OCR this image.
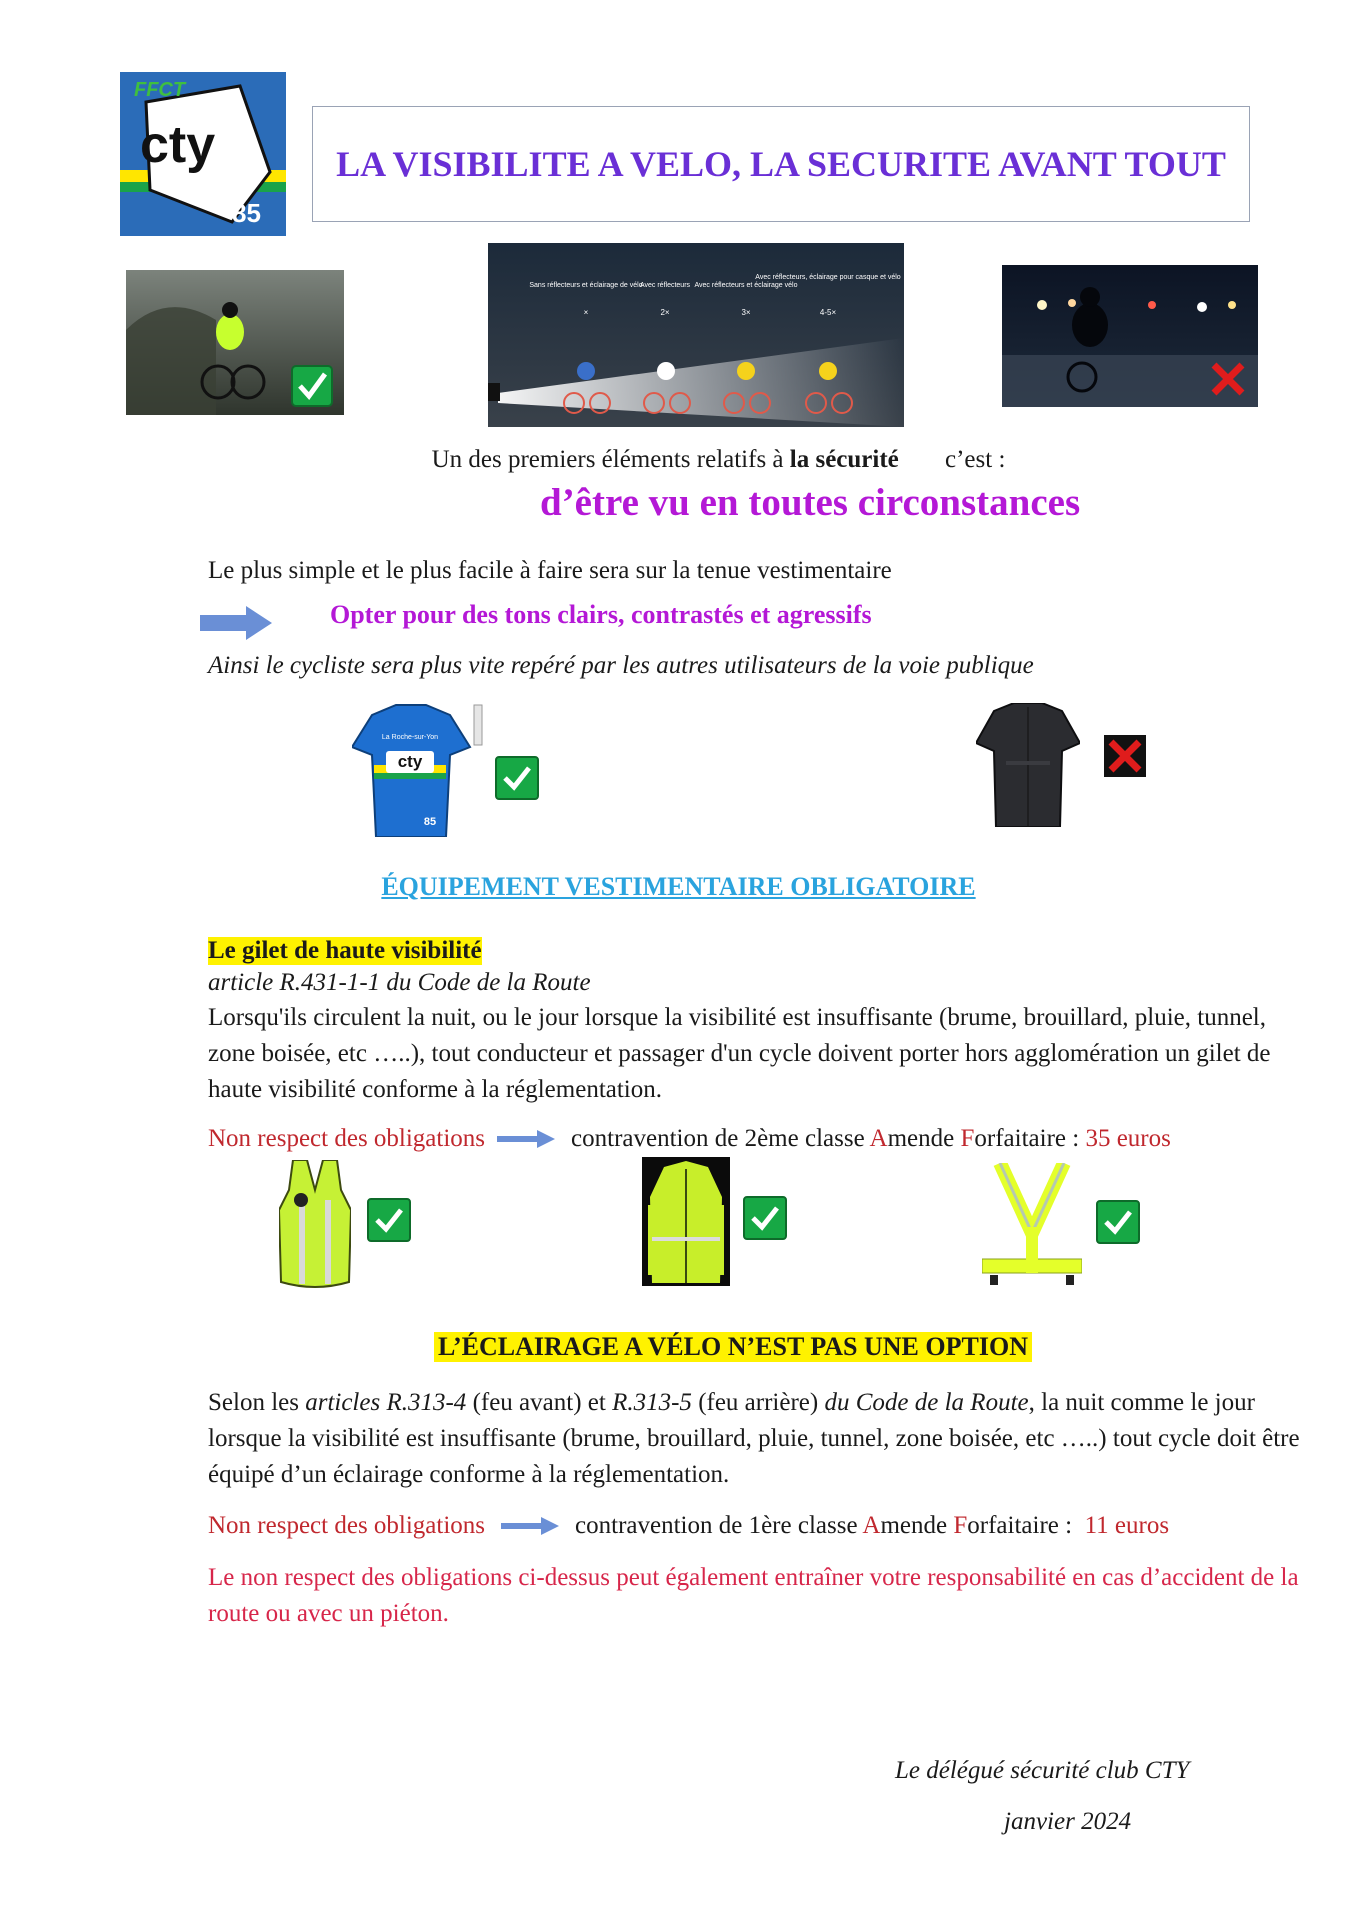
FFCT
cty
85
LA VISIBILITE A VELO, LA SECURITE AVANT TOUT
Sans réflecteurs et éclairage de vélo
Avec réflecteurs Avec réflecteurs et éclairage vélo
Avec réflecteurs, éclairage pour casque et vélo
×	2×	3×	4-5×
Un des premiers éléments relatifs à la sécurité c’est :
d’être vu en toutes circonstances
Le plus simple et le plus facile à faire sera sur la tenue vestimentaire
Opter pour des tons clairs, contrastés et agressifs
Ainsi le cycliste sera plus vite repéré par les autres utilisateurs de la voie publique
cty
La Roche-sur-Yon
85
ÉQUIPEMENT VESTIMENTAIRE OBLIGATOIRE
Le gilet de haute visibilité
article R.431-1-1 du Code de la Route
Lorsqu'ils circulent la nuit, ou le jour lorsque la visibilité est insuffisante (brume, brouillard, pluie, tunnel, zone boisée, etc …..), tout conducteur et passager d'un cycle doivent porter hors agglomération un gilet de haute visibilité conforme à la réglementation.
Non respect des obligations	contravention de 2ème classe Amende Forfaitaire : 35 euros
L’ÉCLAIRAGE A VÉLO N’EST PAS UNE OPTION
Selon les articles R.313-4 (feu avant) et R.313-5 (feu arrière) du Code de la Route, la nuit comme le jour lorsque la visibilité est insuffisante (brume, brouillard, pluie, tunnel, zone boisée, etc …..) tout cycle doit être équipé d’un éclairage conforme à la réglementation.
Non respect des obligations	contravention de 1ère classe Amende Forfaitaire :  11 euros
Le non respect des obligations ci-dessus peut également entraîner votre responsabilité en cas d’accident de la route ou avec un piéton.
Le délégué sécurité club CTY
janvier 2024
